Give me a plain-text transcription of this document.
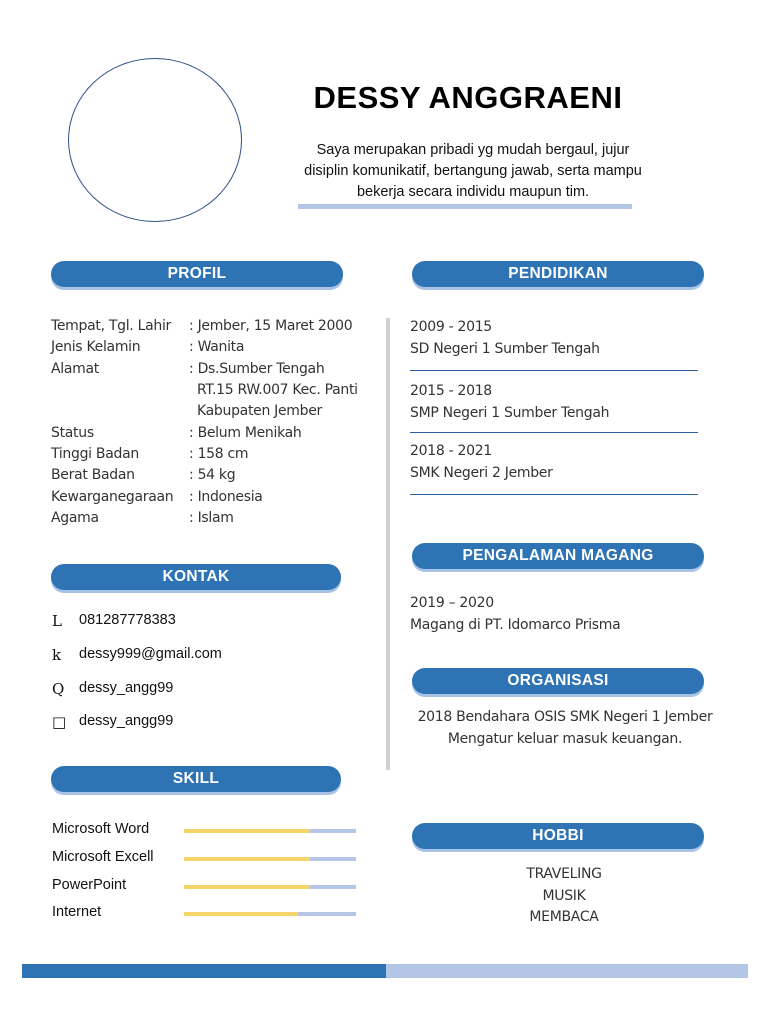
DESSY ANGGRAENI
Saya merupakan pribadi yg mudah bergaul, jujur
disiplin komunikatif, bertangung jawab, serta mampu
bekerja secara individu maupun tim.
PROFIL
Tempat, Tgl. Lahir : Jember, 15 Maret 2000
Jenis Kelamin	: Wanita
Alamat	: Ds.Sumber Tengah
RT.15 RW.007 Kec. Panti
Kabupaten Jember
Status	: Belum Menikah
Tinggi Badan	: 158 cm
Berat Badan	: 54 kg
Kewarganegaraan : Indonesia
Agama	: Islam
KONTAK
L	081287778383
k	dessy999@gmail.com
Q	dessy_angg99
□ dessy_angg99
SKILL
Microsoft Word
Microsoft Excell
PowerPoint
Internet
PENDIDIKAN
2009 - 2015
SD Negeri 1 Sumber Tengah
2015 - 2018
SMP Negeri 1 Sumber Tengah
2018 - 2021
SMK Negeri 2 Jember
PENGALAMAN MAGANG
2019 – 2020
Magang di PT. Idomarco Prisma
ORGANISASI
2018 Bendahara OSIS SMK Negeri 1 Jember
Mengatur keluar masuk keuangan.
HOBBI
TRAVELING
MUSIK
MEMBACA
